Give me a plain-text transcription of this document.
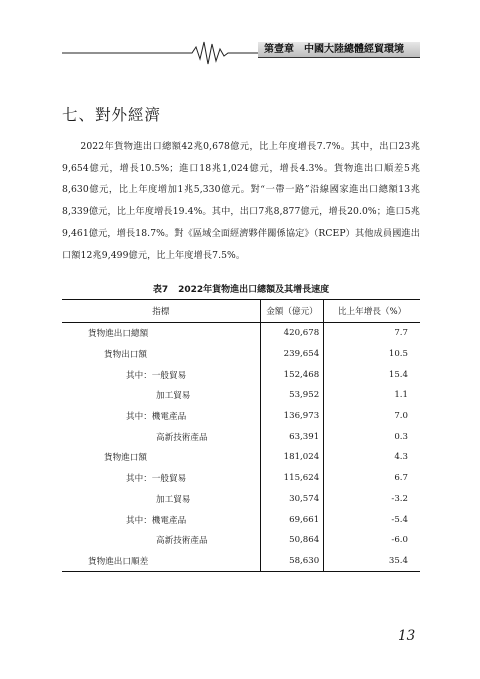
第壹章　中國大陸總體經貿環境
七、對外經濟

2022年貨物進出口總額42兆0,678億元，比上年度增長7.7%。其中，出口23兆9,654億元，增長10.5%；進口18兆1,024億元，增長4.3%。貨物進出口順差5兆8,630億元，比上年度增加1兆5,330億元。對“一帶一路”沿線國家進出口總額13兆8,339億元，比上年度增長19.4%。其中，出口7兆8,877億元，增長20.0%；進口5兆9,461億元，增長18.7%。對《區域全面經濟夥伴關係協定》（RCEP）其他成員國進出口額12兆9,499億元，比上年度增長7.5%。

表7 2022年貨物進出口總額及其增長速度
指標	金額（億元）	比上年增長（%）
貨物進出口總額	420,678	7.7
貨物出口額	239,654	10.5
其中：一般貿易	152,468	15.4
加工貿易	53,952	1.1
其中：機電產品	136,973	7.0
高新技術產品	63,391	0.3
貨物進口額	181,024	4.3
其中：一般貿易	115,624	6.7
加工貿易	30,574	-3.2
其中：機電產品	69,661	-5.4
高新技術產品	50,864	-6.0
貨物進出口順差	58,630	35.4
13
